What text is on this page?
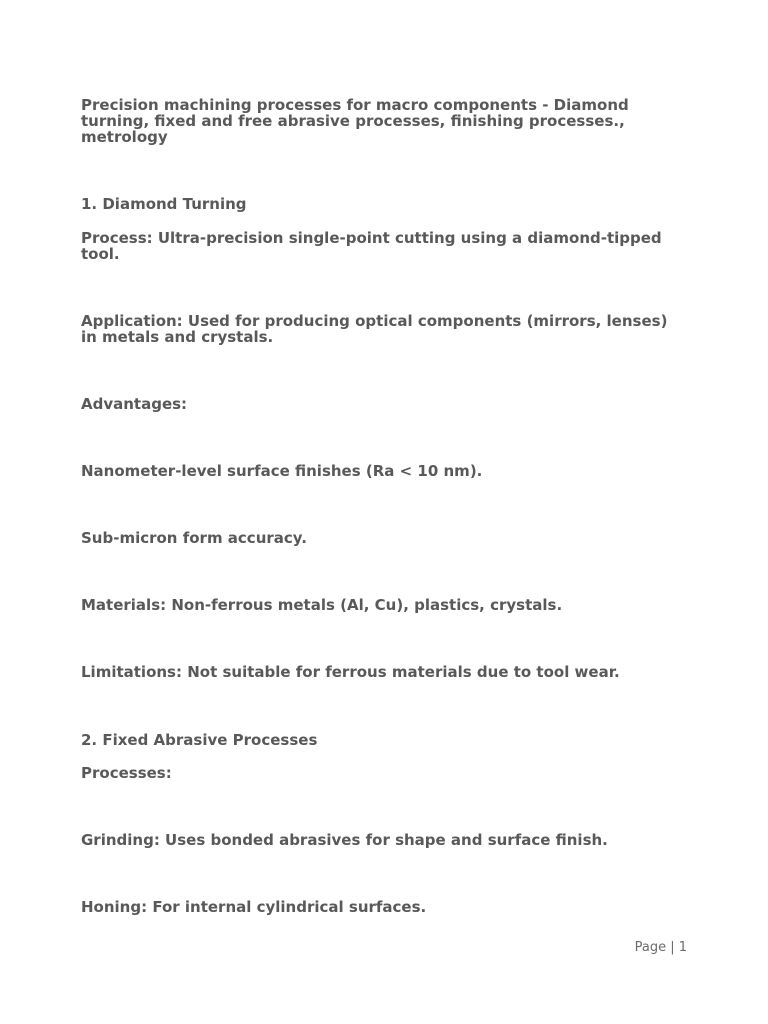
Precision machining processes for macro components - Diamond turning, fixed and free abrasive processes, finishing processes., metrology

1. Diamond Turning

Process: Ultra-precision single-point cutting using a diamond-tipped tool.

Application: Used for producing optical components (mirrors, lenses) in metals and crystals.

Advantages:

Nanometer-level surface finishes (Ra < 10 nm).

Sub-micron form accuracy.

Materials: Non-ferrous metals (Al, Cu), plastics, crystals.

Limitations: Not suitable for ferrous materials due to tool wear.

2. Fixed Abrasive Processes

Processes:

Grinding: Uses bonded abrasives for shape and surface finish.

Honing: For internal cylindrical surfaces.

Page | 1
